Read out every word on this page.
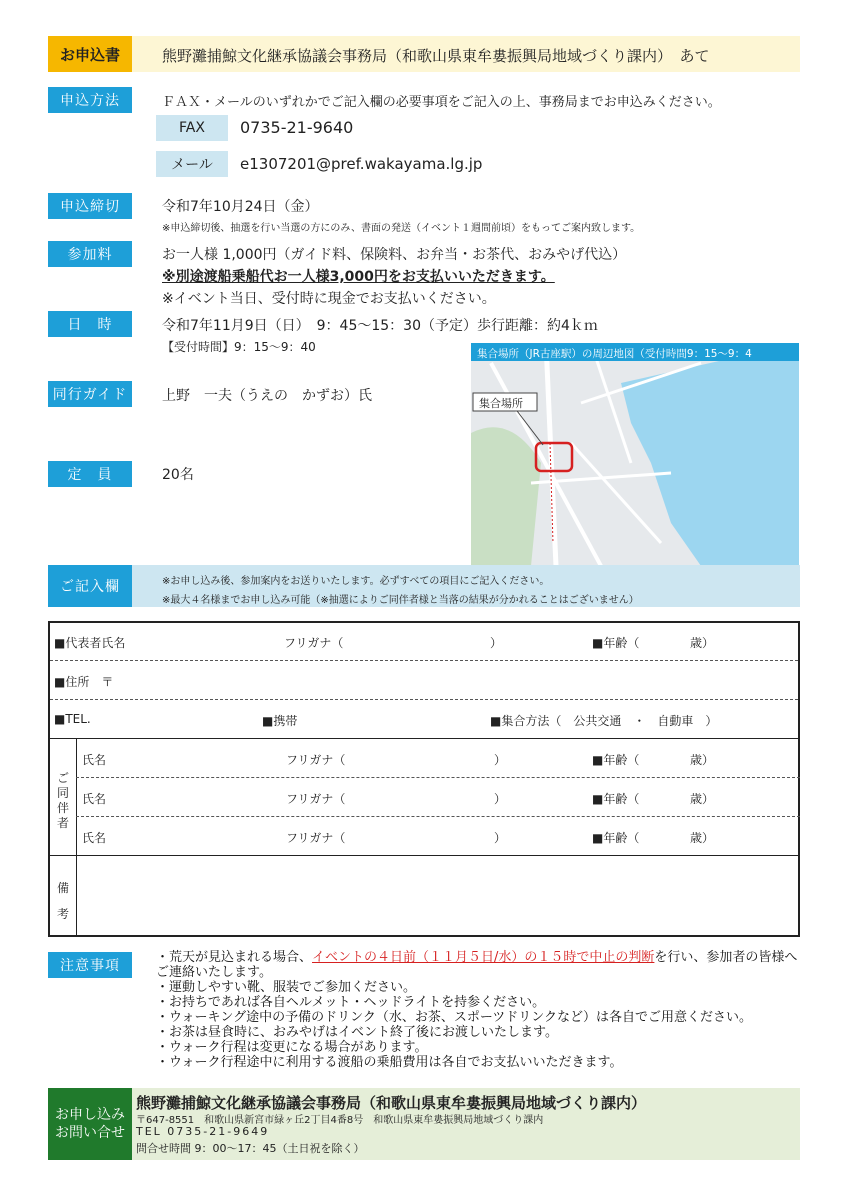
お申込書	熊野灘捕鯨文化継承協議会事務局（和歌山県東牟婁振興局地域づくり課内）　あて
申込方法	ＦＡＸ・メールのいずれかでご記入欄の必要事項をご記入の上、事務局までお申込みください。
FAX	0735-21-9640
メール	e1307201@pref.wakayama.lg.jp
申込締切	令和7年10月24日（金）
※申込締切後、抽選を行い当選の方にのみ、書面の発送（イベント１週間前頃）をもってご案内致します。
参加料	お一人様 1,000円（ガイド料、保険料、お弁当・お茶代、おみやげ代込）
※別途渡船乗船代お一人様3,000円をお支払いいただきます。
※イベント当日、受付時に現金でお支払いください。
日　時	令和7年11月9日（日）　9：45～15：30（予定）歩行距離：約4ｋｍ
【受付時間】9：15～9：40
同行ガイド	上野　一夫（うえの　かずお）氏
定　員	20名
集合場所（JR古座駅）の周辺地図（受付時間9：15～9：4
集合場所
ご記入欄	※お申し込み後、参加案内をお送りいたします。必ずすべての項目にご記入ください。
※最大４名様までお申し込み可能（※抽選によりご同伴者様と当落の結果が分かれることはございません）
■代表者氏名	フリガナ（	）	■年齢（	歳）
■住所　〒
■TEL.	■携帯	■集合方法（　公共交通　・　自動車　）
ご
同
伴
者
氏名	フリガナ（	）	■年齢（	歳）
氏名	フリガナ（	）	■年齢（	歳）
氏名	フリガナ（	）	■年齢（	歳）
備
考
注意事項

・荒天が見込まれる場合、イベントの４日前（１１月５日/水）の１５時で中止の判断を行い、参加者の皆様へご連絡いたします。

・運動しやすい靴、服装でご参加ください。

・お持ちであれば各自ヘルメット・ヘッドライトを持参ください。

・ウォーキング途中の予備のドリンク（水、お茶、スポーツドリンクなど）は各自でご用意ください。

・お茶は昼食時に、おみやげはイベント終了後にお渡しいたします。

・ウォーク行程は変更になる場合があります。

・ウォーク行程途中に利用する渡船の乗船費用は各自でお支払いいただきます。

お申し込み
お問い合せ
熊野灘捕鯨文化継承協議会事務局（和歌山県東牟婁振興局地域づくり課内）
〒647-8551　和歌山県新宮市緑ヶ丘2丁目4番8号　和歌山県東牟婁振興局地域づくり課内
TEL 0735-21-9649
問合せ時間 9：00～17：45（土日祝を除く）
